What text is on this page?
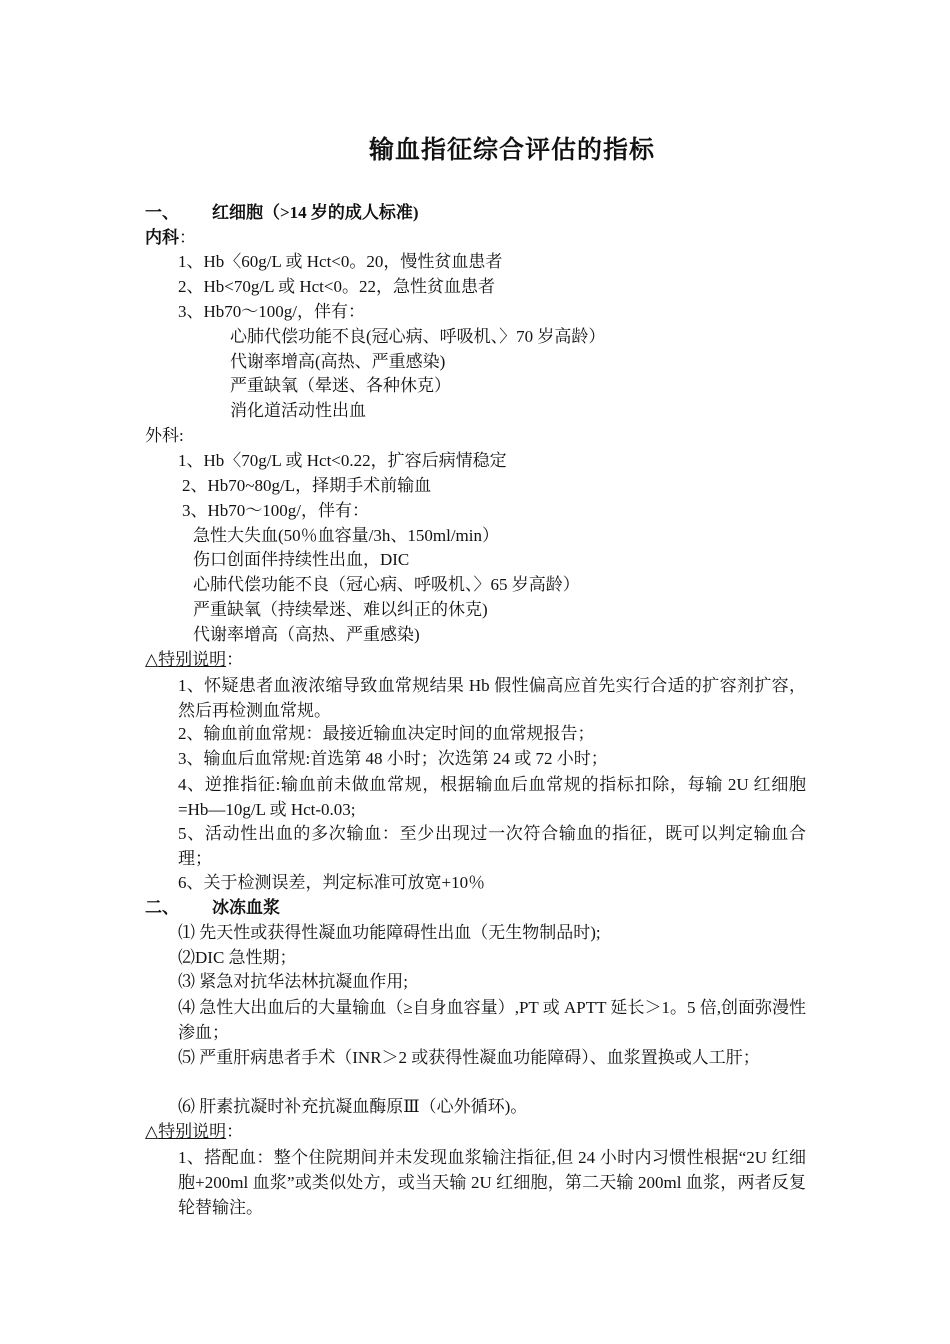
输血指征综合评估的指标
一、 红细胞（>14 岁的成人标准)
内科：
1、Hb〈60g/L 或 Hct<0。20，慢性贫血患者
2、Hb<70g/L 或 Hct<0。22，急性贫血患者
3、Hb70～100g/，伴有：
心肺代偿功能不良(冠心病、呼吸机、〉70 岁高龄）
代谢率增高(高热、严重感染)
严重缺氧（晕迷、各种休克）
消化道活动性出血
外科:
1、Hb〈70g/L 或 Hct<0.22，扩容后病情稳定
2、Hb70~80g/L，择期手术前输血
3、Hb70～100g/，伴有：
急性大失血(50％血容量/3h、150ml/min）
伤口创面伴持续性出血，DIC
心肺代偿功能不良（冠心病、呼吸机、〉65 岁高龄）
严重缺氧（持续晕迷、难以纠正的休克)
代谢率增高（高热、严重感染)
△特别说明：
1、怀疑患者血液浓缩导致血常规结果 Hb 假性偏高应首先实行合适的扩容剂扩容，然后再检测血常规。
2、输血前血常规：最接近输血决定时间的血常规报告；
3、输血后血常规:首选第 48 小时；次选第 24 或 72 小时；
4、逆推指征:输血前未做血常规，根据输血后血常规的指标扣除，每输 2U 红细胞=Hb—10g/L 或 Hct-0.03;
5、活动性出血的多次输血：至少出现过一次符合输血的指征，既可以判定输血合理；
6、关于检测误差，判定标准可放宽+10％
二、 冰冻血浆
⑴ 先天性或获得性凝血功能障碍性出血（无生物制品时);
⑵DIC 急性期；
⑶ 紧急对抗华法林抗凝血作用;
⑷ 急性大出血后的大量输血（≥自身血容量）,PT 或 APTT 延长＞1。5 倍,创面弥漫性渗血；
⑸ 严重肝病患者手术（INR＞2 或获得性凝血功能障碍）、血浆置换或人工肝；
⑹ 肝素抗凝时补充抗凝血酶原Ⅲ（心外循环)。
△特别说明：
1、搭配血：整个住院期间并未发现血浆输注指征,但 24 小时内习惯性根据“2U 红细胞+200ml 血浆”或类似处方，或当天输 2U 红细胞，第二天输 200ml 血浆，两者反复轮替输注。
